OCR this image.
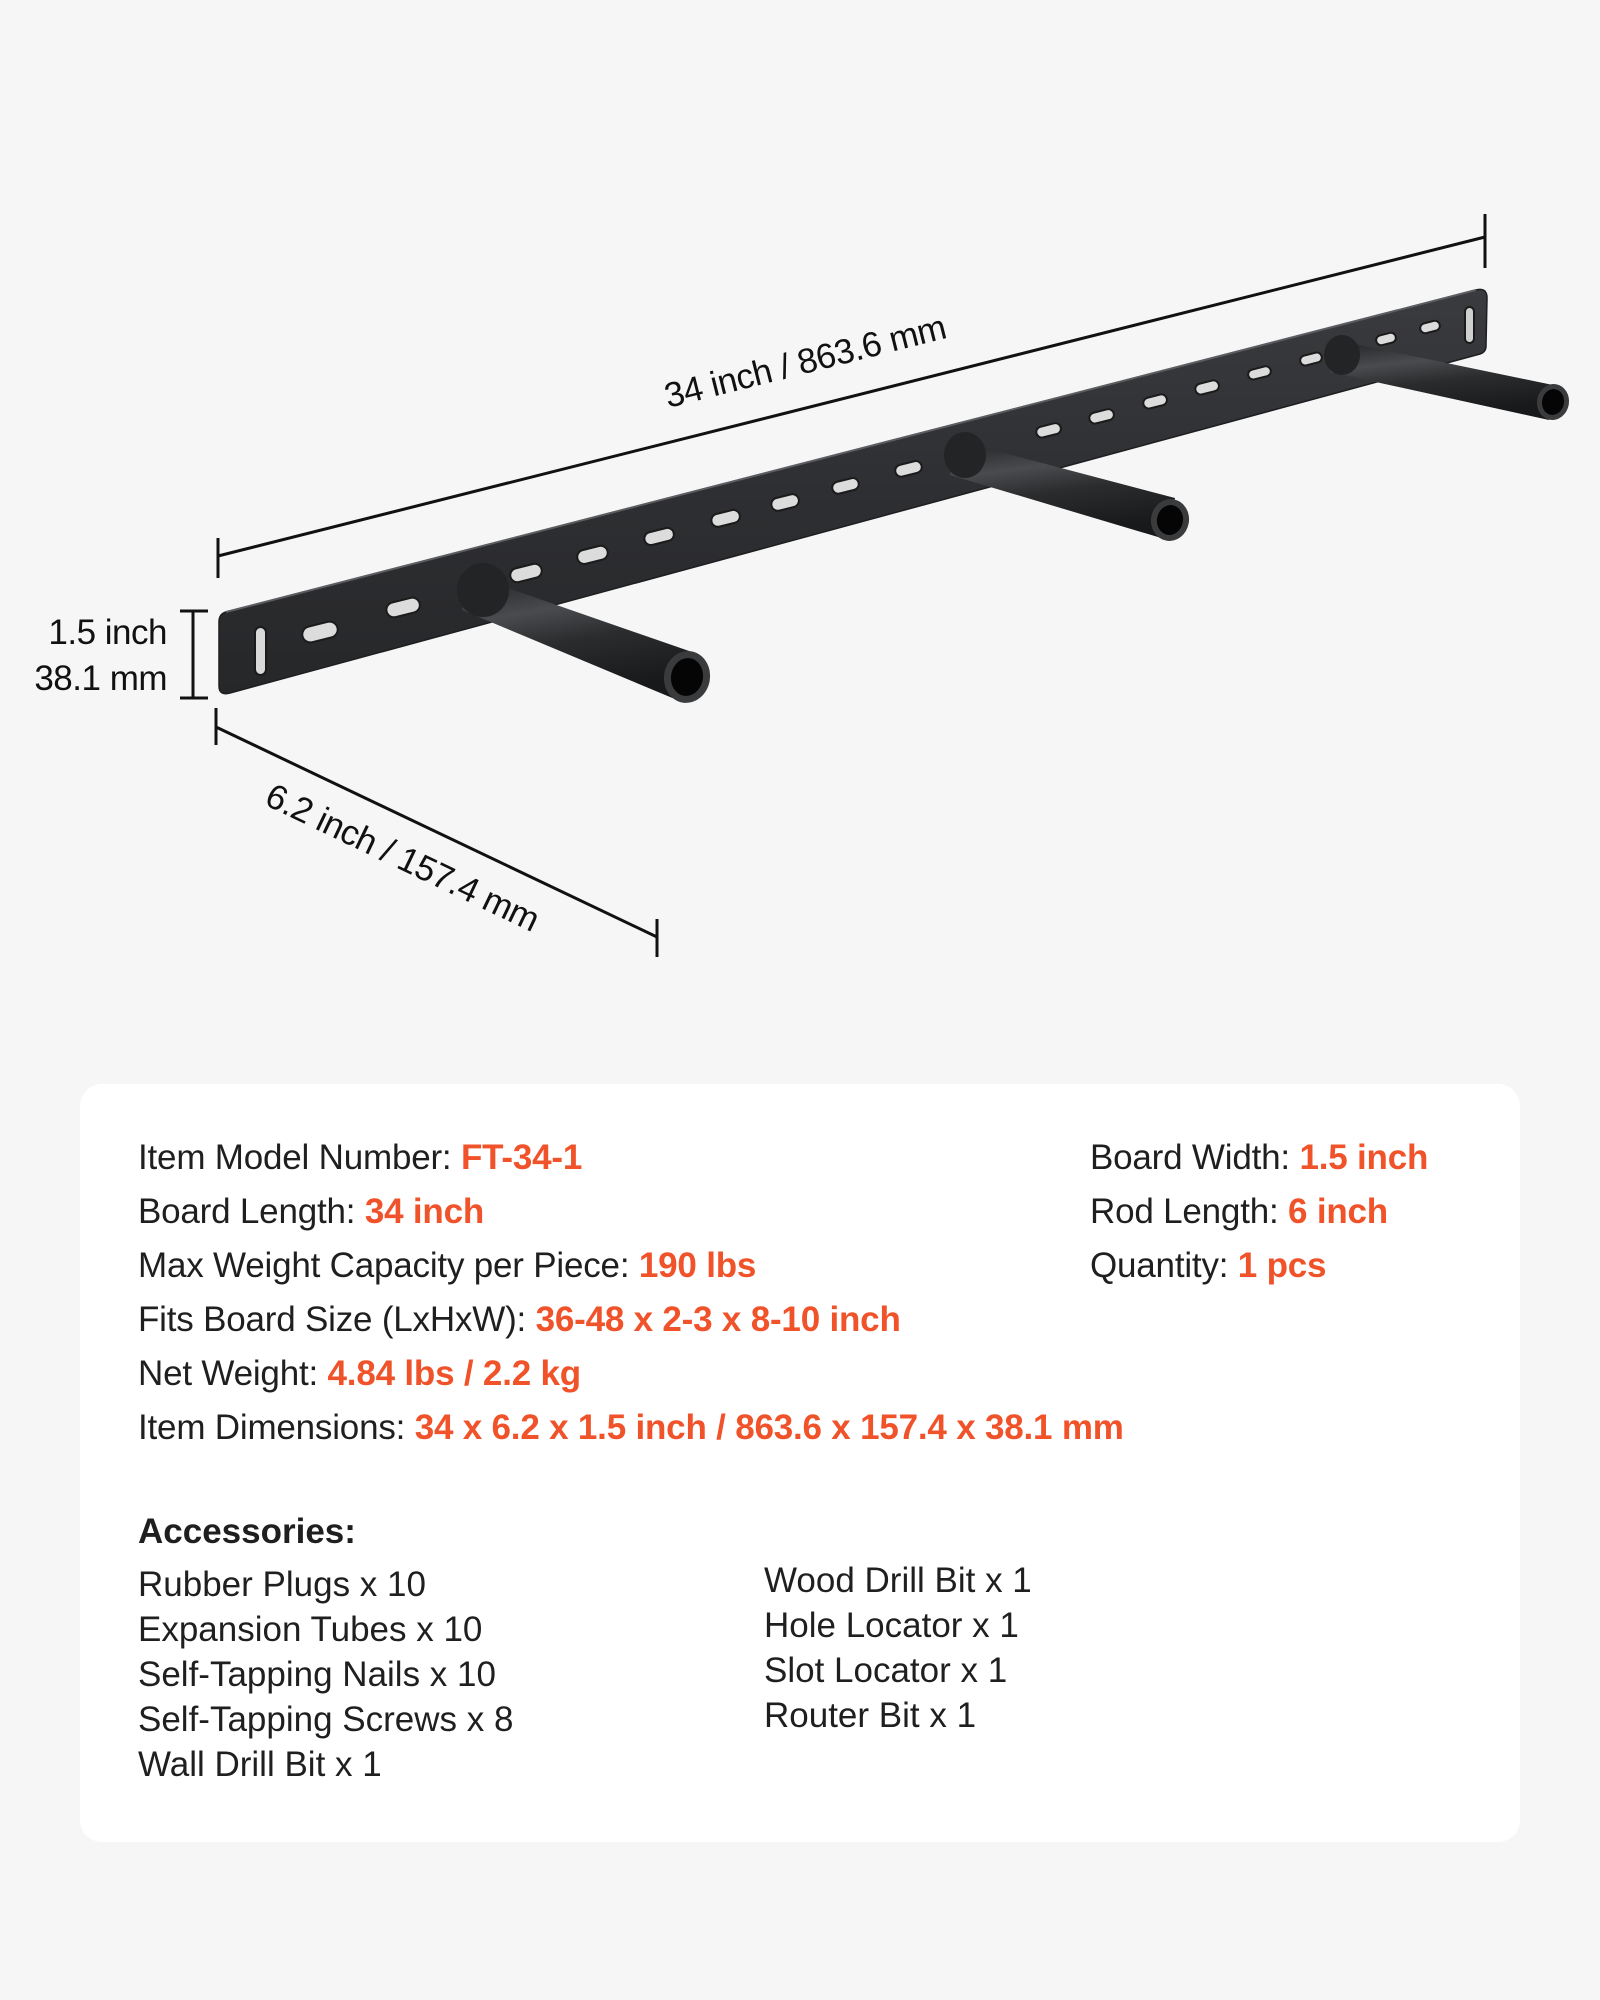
34 inch / 863.6 mm
1.5 inch
38.1 mm
6.2 inch / 157.4 mm
Item Model Number: FT-34-1
Board Length: 34 inch
Max Weight Capacity per Piece: 190 lbs
Fits Board Size (LxHxW): 36-48 x 2-3 x 8-10 inch
Net Weight: 4.84 lbs / 2.2 kg
Item Dimensions: 34 x 6.2 x 1.5 inch / 863.6 x 157.4 x 38.1 mm
Board Width: 1.5 inch
Rod Length: 6 inch
Quantity: 1 pcs
Accessories:
Rubber Plugs x 10
Expansion Tubes x 10
Self-Tapping Nails x 10
Self-Tapping Screws x 8
Wall Drill Bit x 1
Wood Drill Bit x 1
Hole Locator x 1
Slot Locator x 1
Router Bit x 1
